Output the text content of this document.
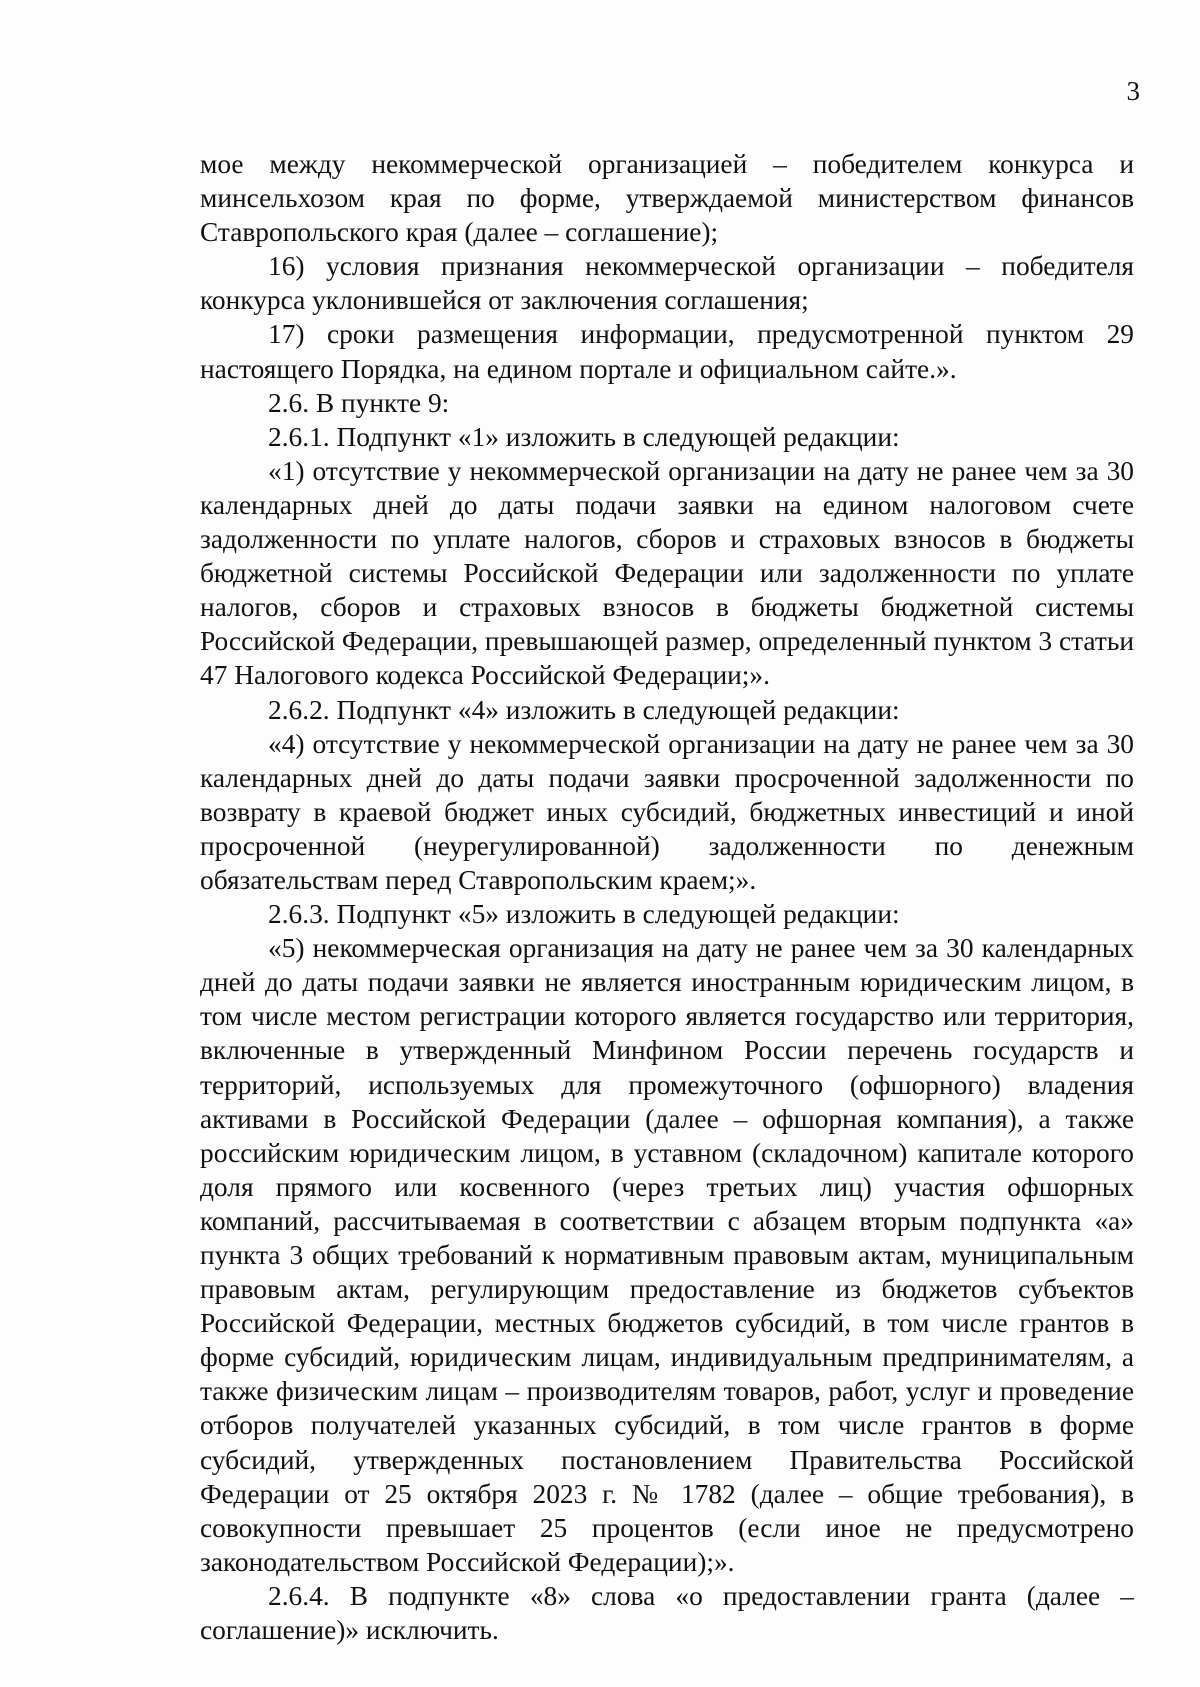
3

мое между некоммерческой организацией – победителем конкурса и минсельхозом края по форме, утверждаемой министерством финансов Ставропольского края (далее – соглашение);

16) условия признания некоммерческой организации – победителя конкурса уклонившейся от заключения соглашения;

17) сроки размещения информации, предусмотренной пунктом 29 настоящего Порядка, на едином портале и официальном сайте.».

2.6. В пункте 9:

2.6.1. Подпункт «1» изложить в следующей редакции:

«1) отсутствие у некоммерческой организации на дату не ранее чем за 30 календарных дней до даты подачи заявки на едином налоговом счете задолженности по уплате налогов, сборов и страховых взносов в бюджеты бюджетной системы Российской Федерации или задолженности по уплате налогов, сборов и страховых взносов в бюджеты бюджетной системы Российской Федерации, превышающей размер, определенный пунктом 3 статьи 47 Налогового кодекса Российской Федерации;».

2.6.2. Подпункт «4» изложить в следующей редакции:

«4) отсутствие у некоммерческой организации на дату не ранее чем за 30 календарных дней до даты подачи заявки просроченной задолженности по возврату в краевой бюджет иных субсидий, бюджетных инвестиций и иной просроченной (неурегулированной) задолженности по денежным обязательствам перед Ставропольским краем;».

2.6.3. Подпункт «5» изложить в следующей редакции:

«5) некоммерческая организация на дату не ранее чем за 30 календарных дней до даты подачи заявки не является иностранным юридическим лицом, в том числе местом регистрации которого является государство или территория, включенные в утвержденный Минфином России перечень государств и территорий, используемых для промежуточного (офшорного) владения активами в Российской Федерации (далее – офшорная компания), а также российским юридическим лицом, в уставном (складочном) капитале которого доля прямого или косвенного (через третьих лиц) участия офшорных компаний, рассчитываемая в соответствии с абзацем вторым подпункта «а» пункта 3 общих требований к нормативным правовым актам, муниципальным правовым актам, регулирующим предоставление из бюджетов субъектов Российской Федерации, местных бюджетов субсидий, в том числе грантов в форме субсидий, юридическим лицам, индивидуальным предпринимателям, а также физическим лицам – производителям товаров, работ, услуг и проведение отборов получателей указанных субсидий, в том числе грантов в форме субсидий, утвержденных постановлением Правительства Российской Федерации от 25 октября 2023 г. № 1782 (далее – общие требования), в совокупности превышает 25 процентов (если иное не предусмотрено законодательством Российской Федерации);».

2.6.4. В подпункте «8» слова «о предоставлении гранта (далее – соглашение)» исключить.
